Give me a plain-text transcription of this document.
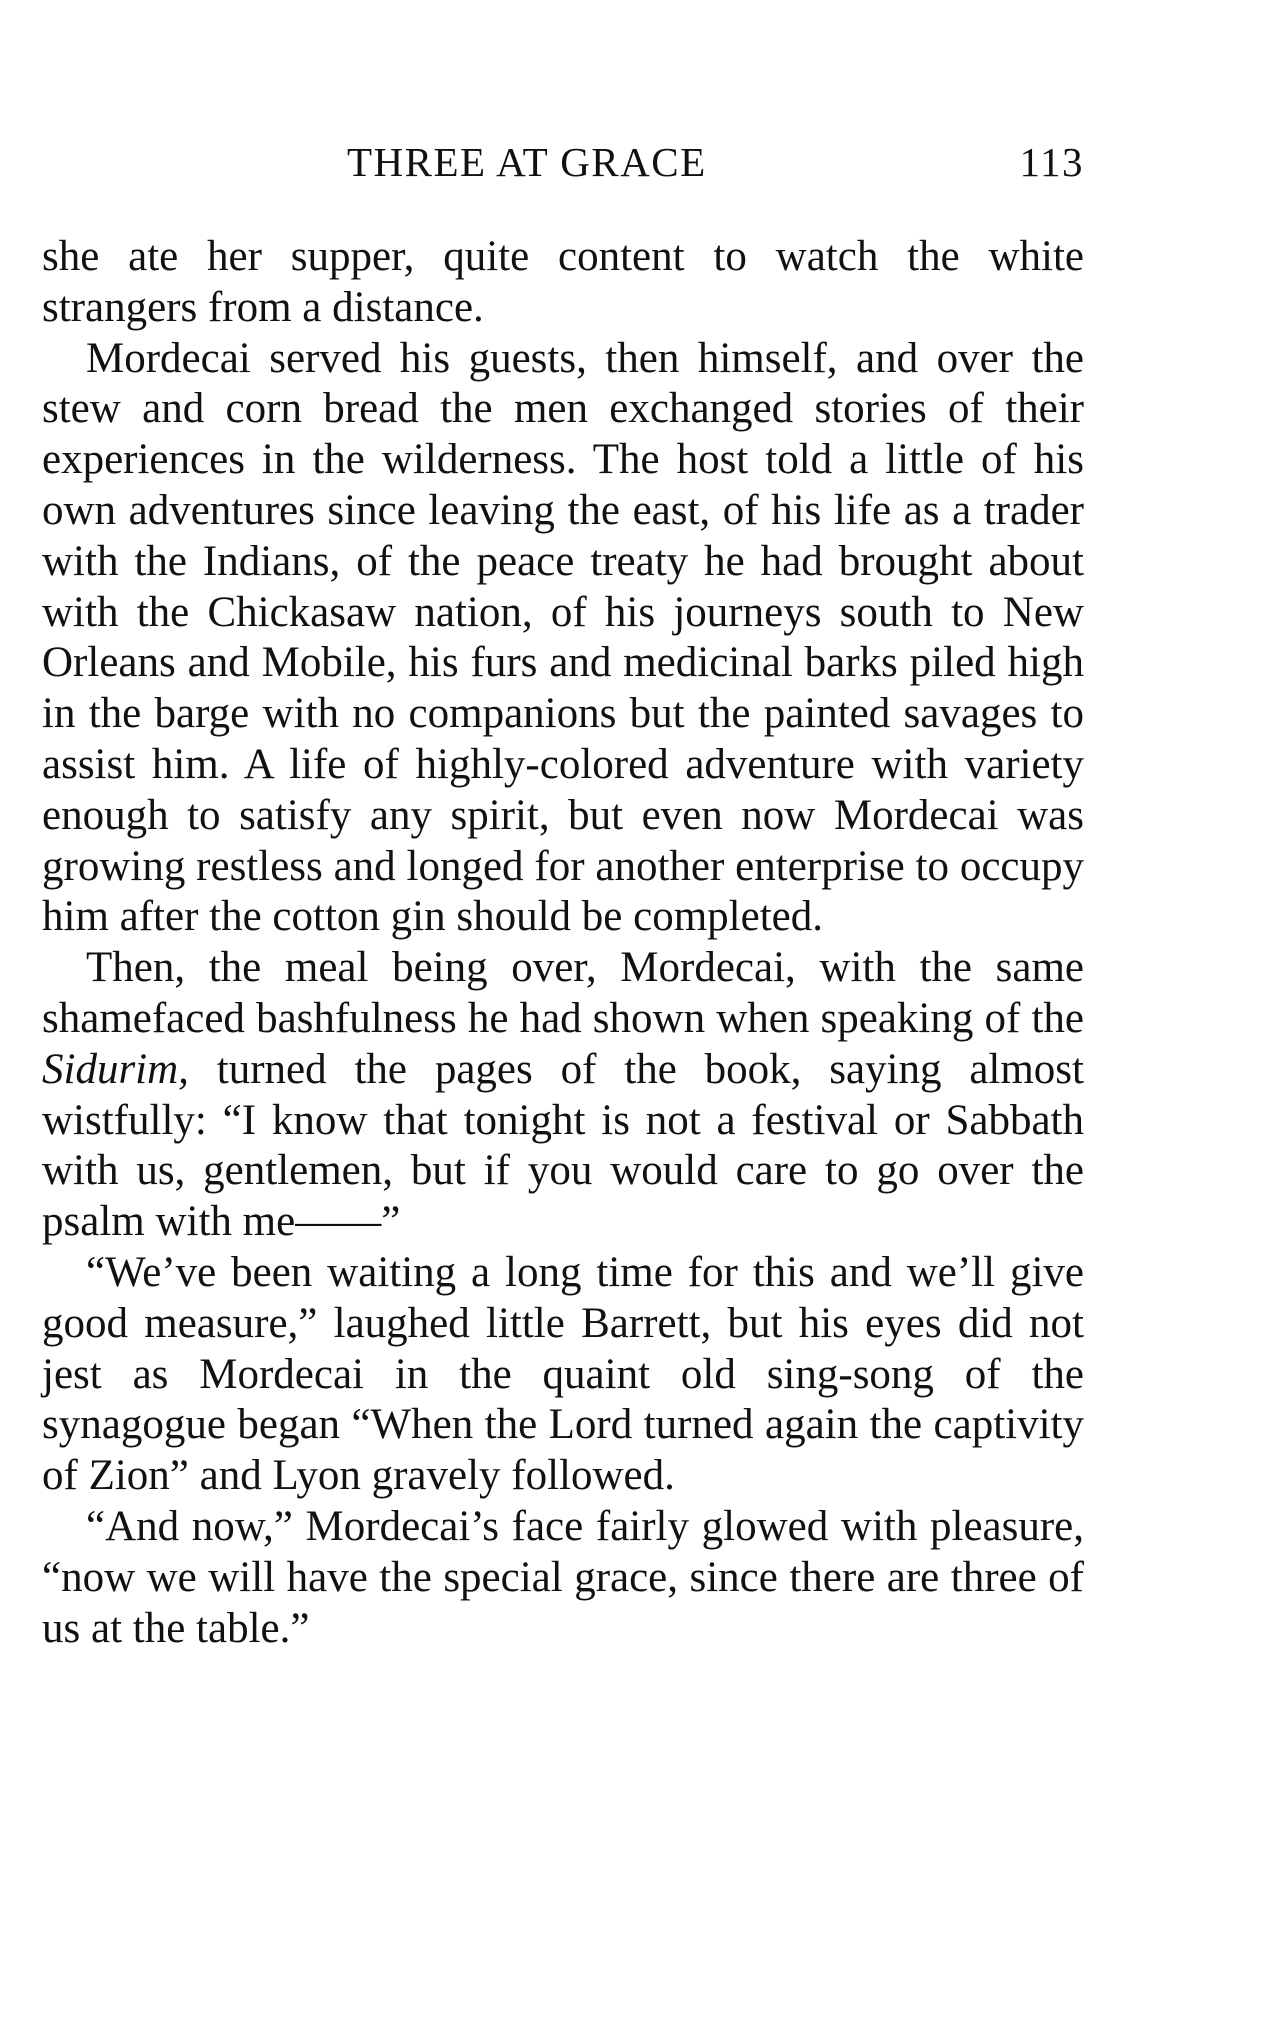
THREE AT GRACE	113

she ate her supper, quite content to watch the white strangers from a distance.

Mordecai served his guests, then himself, and over the stew and corn bread the men exchanged stories of their experiences in the wilderness. The host told a little of his own adventures since leaving the east, of his life as a trader with the Indians, of the peace treaty he had brought about with the Chickasaw nation, of his journeys south to New Orleans and Mobile, his furs and medicinal barks piled high in the barge with no companions but the painted savages to assist him. A life of highly-colored adventure with variety enough to satisfy any spirit, but even now Mordecai was growing restless and longed for another enterprise to occupy him after the cotton gin should be completed.

Then, the meal being over, Mordecai, with the same shamefaced bashfulness he had shown when speaking of the Sidurim, turned the pages of the book, saying almost wistfully: “I know that tonight is not a festival or Sabbath with us, gentlemen, but if you would care to go over the psalm with me——”

“We’ve been waiting a long time for this and we’ll give good measure,” laughed little Barrett, but his eyes did not jest as Mordecai in the quaint old sing-song of the synagogue began “When the Lord turned again the captivity of Zion” and Lyon gravely followed.

“And now,” Mordecai’s face fairly glowed with pleasure, “now we will have the special grace, since there are three of us at the table.”
